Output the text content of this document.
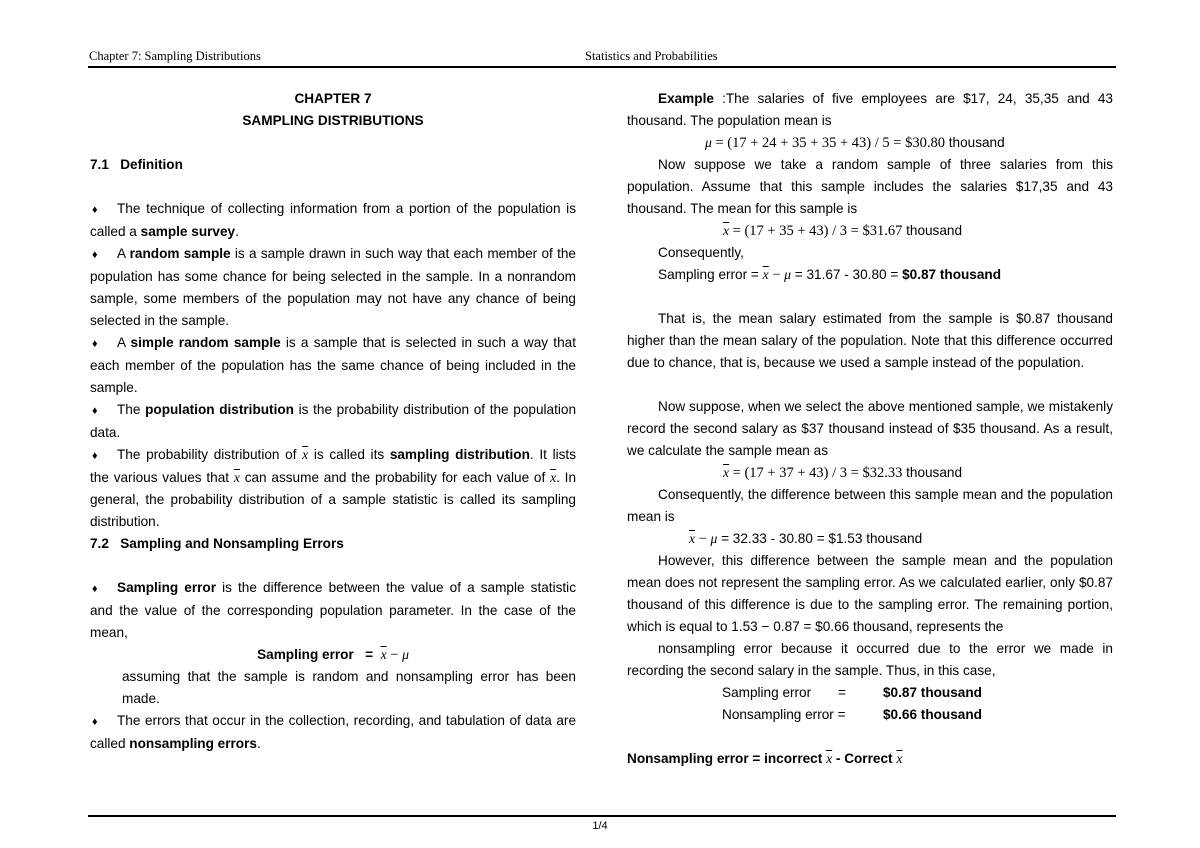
Chapter 7: Sampling Distributions	Statistics and Probabilities

CHAPTER 7

SAMPLING DISTRIBUTIONS

7.1   Definition

♦ The technique of collecting information from a portion of the population is called a sample survey.

♦ A random sample is a sample drawn in such way that each member of the population has some chance for being selected in the sample. In a nonrandom sample, some members of the population may not have any chance of being selected in the sample.

♦ A simple random sample is a sample that is selected in such a way that each member of the population has the same chance of being included in the sample.

♦ The population distribution is the probability distribution of the population data.

♦ The probability distribution of $\overline{x}$ is called its sampling distribution. It lists the various values that $\overline{x}$ can assume and the probability for each value of $\overline{x}$. In general, the probability distribution of a sample statistic is called its sampling distribution.

7.2   Sampling and Nonsampling Errors

♦ Sampling error is the difference between the value of a sample statistic and the value of the corresponding population parameter. In the case of the mean,

Sampling error   = $\overline{x} - \mu$

assuming that the sample is random and nonsampling error has been made.

♦ The errors that occur in the collection, recording, and tabulation of data are called nonsampling errors.

Example :The salaries of five employees are $17, 24, 35,35 and 43 thousand. The population mean is

μ = (17 + 24 + 35 + 35 + 43) / 5 = $30.80 thousand

Now suppose we take a random sample of three salaries from this population. Assume that this sample includes the salaries $17,35 and 43 thousand. The mean for this sample is

$\overline{x} = (17 + 35 + 43) / 3$ = $31.67 thousand

Consequently,

Sampling error = $\overline{x} - \mu = 31.67 - 30.80$ = $0.87 thousand

That is, the mean salary estimated from the sample is $0.87 thousand higher than the mean salary of the population. Note that this difference occurred due to chance, that is, because we used a sample instead of the population.

Now suppose, when we select the above mentioned sample, we mistakenly record the second salary as $37 thousand instead of $35 thousand. As a result, we calculate the sample mean as

$\overline{x} = (17 + 37 + 43) / 3$ = $32.33 thousand

Consequently, the difference between this sample mean and the population mean is

$\overline{x} - \mu = 32.33 - 30.80$ = $1.53 thousand

However, this difference between the sample mean and the population mean does not represent the sampling error. As we calculated earlier, only $0.87 thousand of this difference is due to the sampling error. The remaining portion, which is equal to 1.53 − 0.87 = $0.66 thousand, represents the

nonsampling error because it occurred due to the error we made in recording the second salary in the sample. Thus, in this case,

Sampling error =	$0.87 thousand

Nonsampling error =	$0.66 thousand

Nonsampling error = incorrect $\overline{x}$ - Correct $\overline{x}$

1/4
